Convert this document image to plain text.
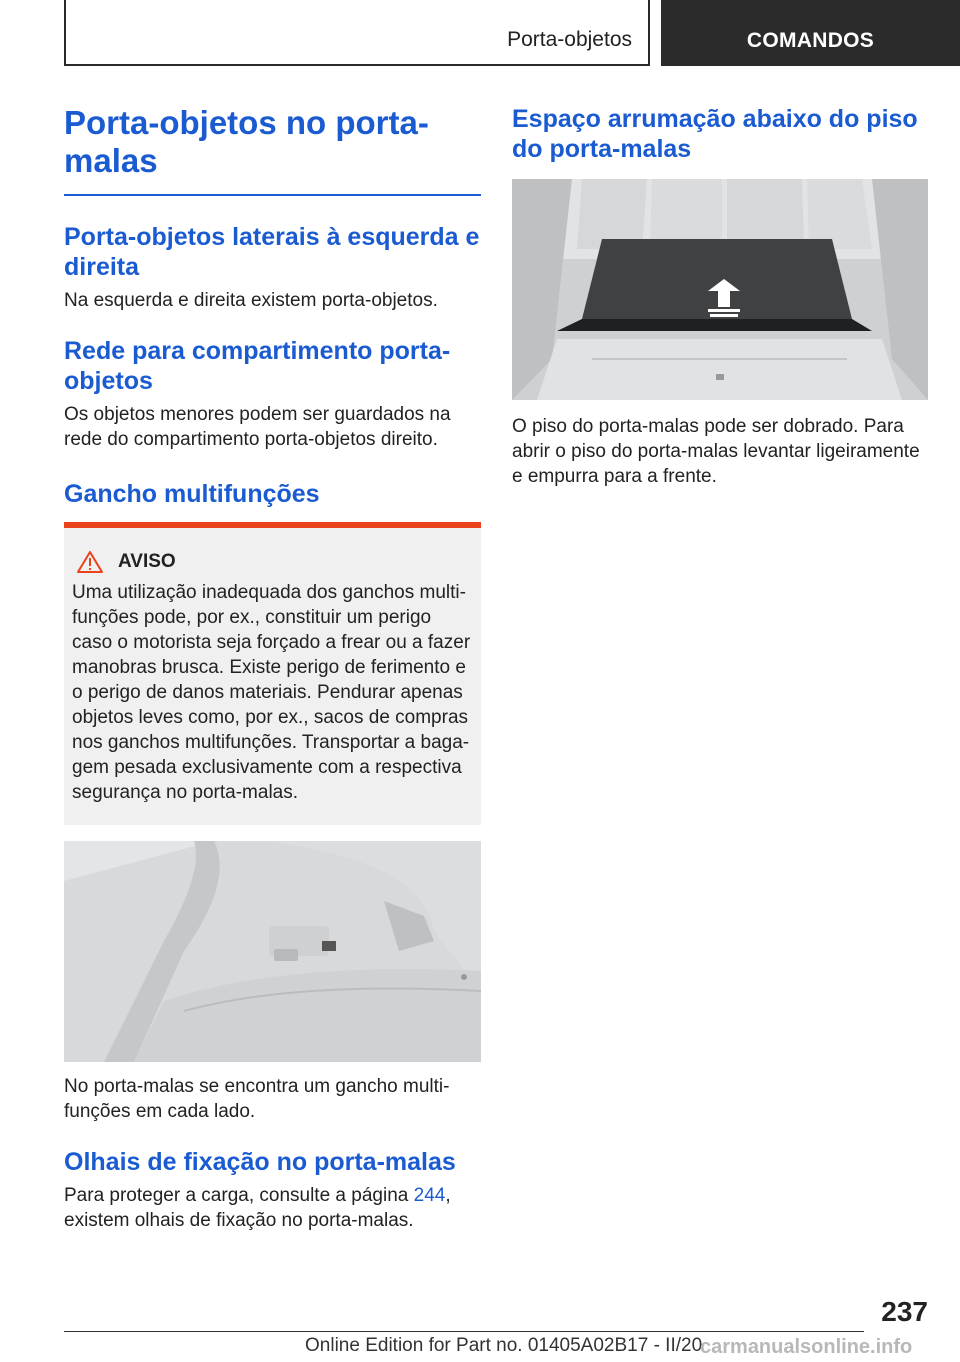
Porta-objetos	COMANDOS
Porta-objetos no porta-malas
Porta-objetos laterais à esquerda e direita

Na esquerda e direita existem porta-objetos.

Rede para compartimento porta-objetos

Os objetos menores podem ser guardados na rede do compartimento porta-objetos direito.

Gancho multifunções
AVISO

Uma utilização inadequada dos ganchos multifunções pode, por ex., constituir um perigo caso o motorista seja forçado a frear ou a fazer manobras brusca. Existe perigo de ferimento e o perigo de danos materiais. Pendurar apenas objetos leves como, por ex., sacos de compras nos ganchos multifunções. Transportar a bagagem pesada exclusivamente com a respectiva segurança no porta-malas.

No porta-malas se encontra um gancho multifunções em cada lado.

Olhais de fixação no porta-malas

Para proteger a carga, consulte a página 244, existem olhais de fixação no porta-malas.

Espaço arrumação abaixo do piso do porta-malas

O piso do porta-malas pode ser dobrado. Para abrir o piso do porta-malas levantar ligeiramente e empurra para a frente.

237
Online Edition for Part no. 01405A02B17 - II/20
carmanualsonline.info
